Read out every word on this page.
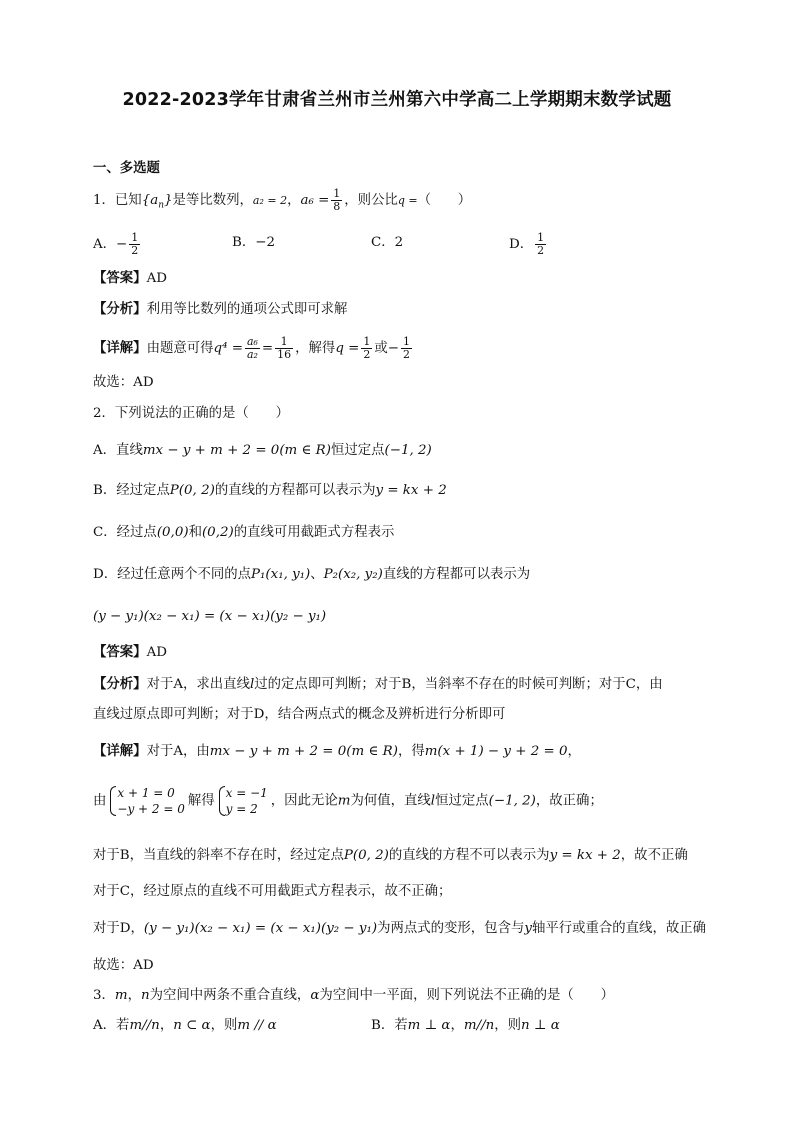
2022-2023学年甘肃省兰州市兰州第六中学高二上学期期末数学试题
一、多选题
1．已知$\{a_n\}$是等比数列，a₂ = 2，$a_6 = \frac{1}{8}$ ，则公比q =（　　）
A．− $\frac{1}{2}$	B．−2	C．2	D． $\frac{1}{2}$
【答案】AD
【分析】利用等比数列的通项公式即可求解
【详解】由题意可得$q^4 = \frac{\text{a₆}}{\text{a₂}} = \frac{1}{16}$ ，解得$q = \frac{1}{2}$ 或− $\frac{1}{2}$
故选：AD
2．下列说法的正确的是（　　）
A．直线mx − y + m + 2 = 0(m ∈ R)恒过定点(−1, 2)
B．经过定点P(0, 2)的直线的方程都可以表示为y = kx + 2
C．经过点(0,0)和(0,2)的直线可用截距式方程表示
D．经过任意两个不同的点P₁(x₁, y₁)、P₂(x₂, y₂)直线的方程都可以表示为
(y − y₁)(x₂ − x₁) = (x − x₁)(y₂ − y₁)
【答案】AD
【分析】对于A，求出直线l过的定点即可判断；对于B，当斜率不存在的时候可判断；对于C，由
直线过原点即可判断；对于D，结合两点式的概念及辨析进行分析即可
【详解】对于A，由mx − y + m + 2 = 0(m ∈ R)，得m(x + 1) − y + 2 = 0，
由
x + 1 = 0
−y + 2 = 0
解得
x = −1
y = 2
，因此无论m为何值，直线l恒过定点(−1, 2)，故正确；
对于B，当直线的斜率不存在时，经过定点P(0, 2)的直线的方程不可以表示为y = kx + 2，故不正确
对于C，经过原点的直线不可用截距式方程表示，故不正确；
对于D，(y − y₁)(x₂ − x₁) = (x − x₁)(y₂ − y₁)为两点式的变形，包含与y轴平行或重合的直线，故正确
故选：AD
3．m，n为空间中两条不重合直线，α为空间中一平面，则下列说法不正确的是（　　）
A．若m//n，n ⊂ α，则m // α	B．若m ⊥ α，m//n，则n ⊥ α
